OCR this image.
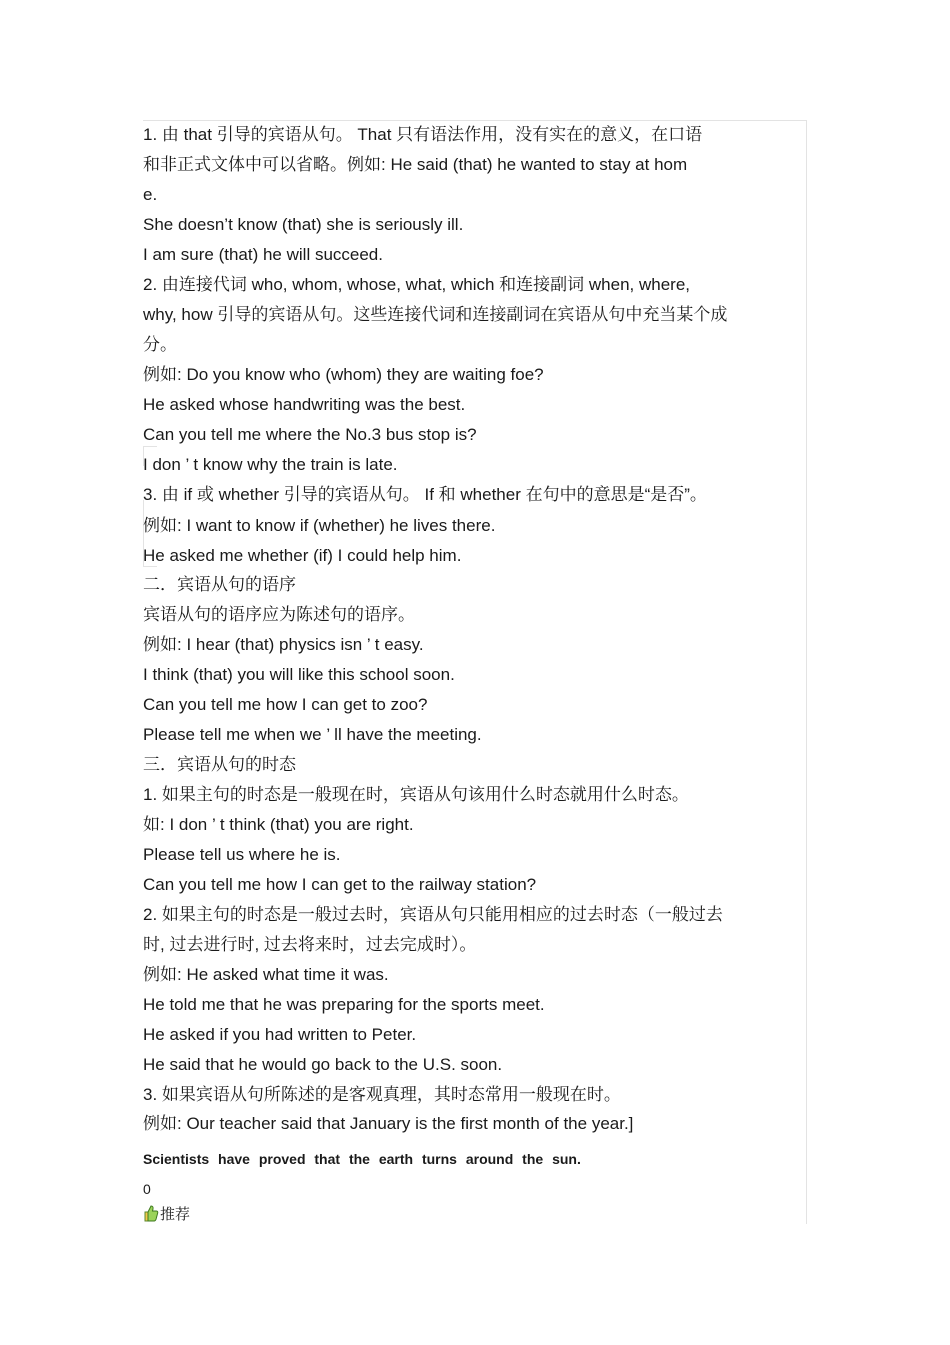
1. 由 that 引导的宾语从句。 That 只有语法作用，没有实在的意义，在口语
和非正式文体中可以省略。例如: He said (that) he wanted to stay at hom
e.
She doesn’t know (that) she is seriously ill.
I am sure (that) he will succeed.
2. 由连接代词 who, whom, whose, what, which 和连接副词 when, where,
why, how 引导的宾语从句。这些连接代词和连接副词在宾语从句中充当某个成
分。
例如: Do you know who (whom) they are waiting foe?
He asked whose handwriting was the best.
Can you tell me where the No.3 bus stop is?
I don ’ t know why the train is late.
3. 由 if 或 whether 引导的宾语从句。 If 和 whether 在句中的意思是“是否”。
例如: I want to know if (whether) he lives there.
He asked me whether (if) I could help him.
二．宾语从句的语序
宾语从句的语序应为陈述句的语序。
例如: I hear (that) physics isn ’ t easy.
I think (that) you will like this school soon.
Can you tell me how I can get to zoo?
Please tell me when we ’ ll have the meeting.
三．宾语从句的时态
1. 如果主句的时态是一般现在时，宾语从句该用什么时态就用什么时态。
如: I don ’ t think (that) you are right.
Please tell us where he is.
Can you tell me how I can get to the railway station?
2. 如果主句的时态是一般过去时，宾语从句只能用相应的过去时态（一般过去
时, 过去进行时, 过去将来时，过去完成时）。
例如: He asked what time it was.
He told me that he was preparing for the sports meet.
He asked if you had written to Peter.
He said that he would go back to the U.S. soon.
3. 如果宾语从句所陈述的是客观真理，其时态常用一般现在时。
例如: Our teacher said that January is the first month of the year.]
Scientists have proved that the earth turns around the sun.
0
推荐
